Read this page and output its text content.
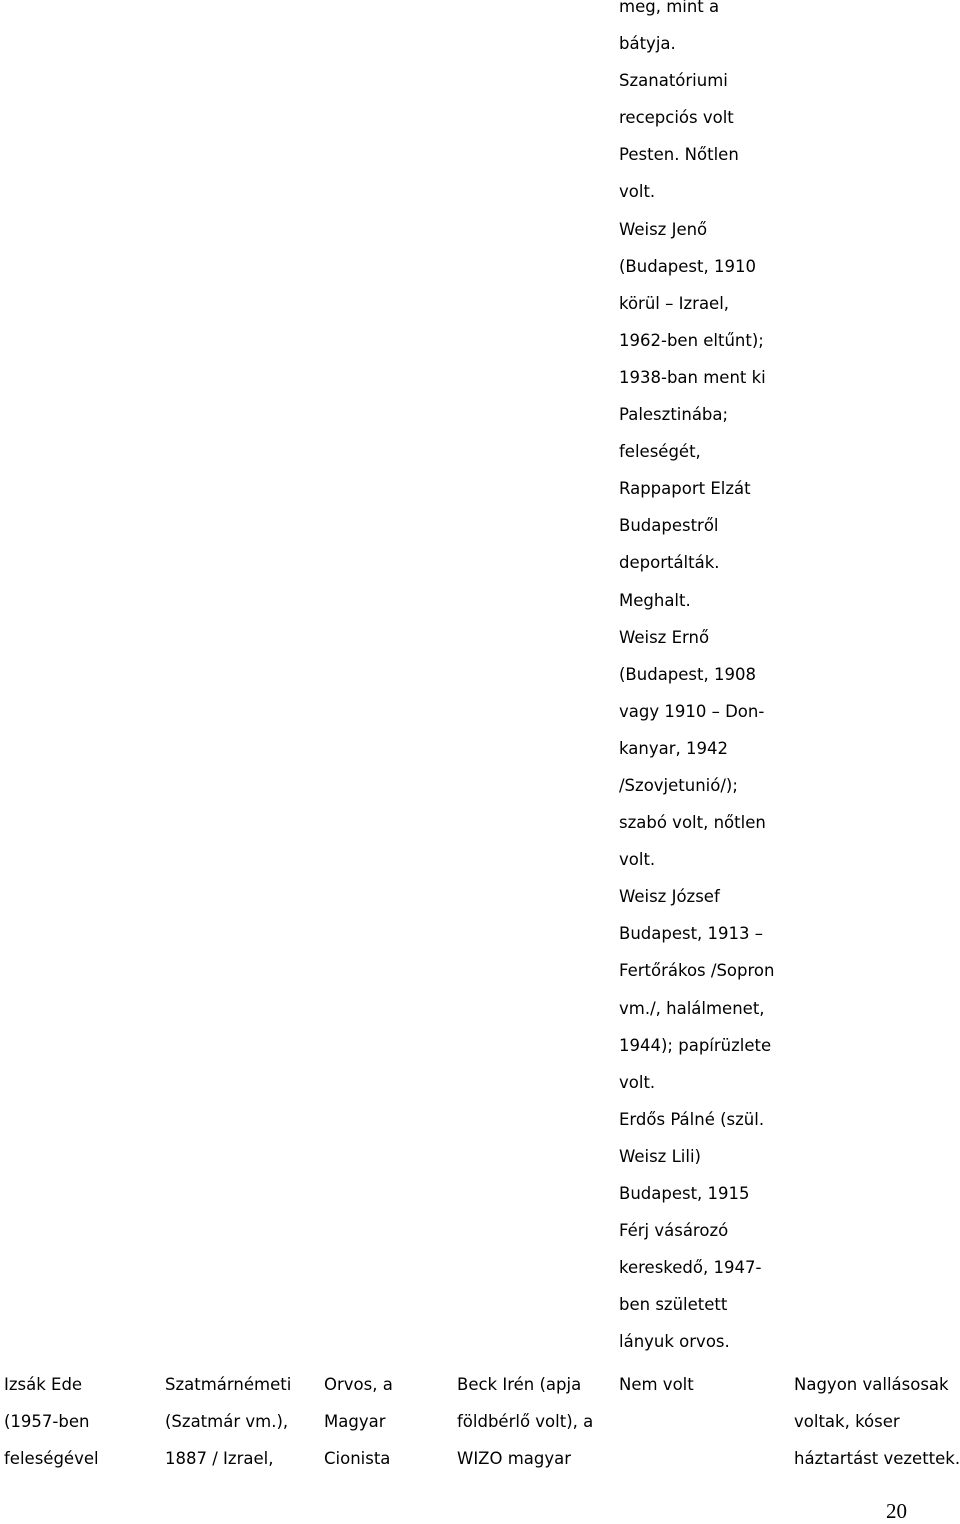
meg, mint a
bátyja.
Szanatóriumi
recepciós volt
Pesten. Nőtlen
volt.
Weisz Jenő
(Budapest, 1910
körül – Izrael,
1962-ben eltűnt);
1938-ban ment ki
Palesztinába;
feleségét,
Rappaport Elzát
Budapestről
deportálták.
Meghalt.
Weisz Ernő
(Budapest, 1908
vagy 1910 – Don-
kanyar, 1942
/Szovjetunió/);
szabó volt, nőtlen
volt.
Weisz József
Budapest, 1913 –
Fertőrákos /Sopron
vm./, halálmenet,
1944); papírüzlete
volt.
Erdős Pálné (szül.
Weisz Lili)
Budapest, 1915
Férj vásározó
kereskedő, 1947-
ben született
lányuk orvos.
Izsák Ede
(1957-ben
feleségével
Szatmárnémeti
(Szatmár vm.),
1887 / Izrael,
Orvos, a
Magyar
Cionista
Beck Irén (apja
földbérlő volt), a
WIZO magyar
Nem volt	Nagyon vallásosak
voltak, kóser
háztartást vezettek.
20
